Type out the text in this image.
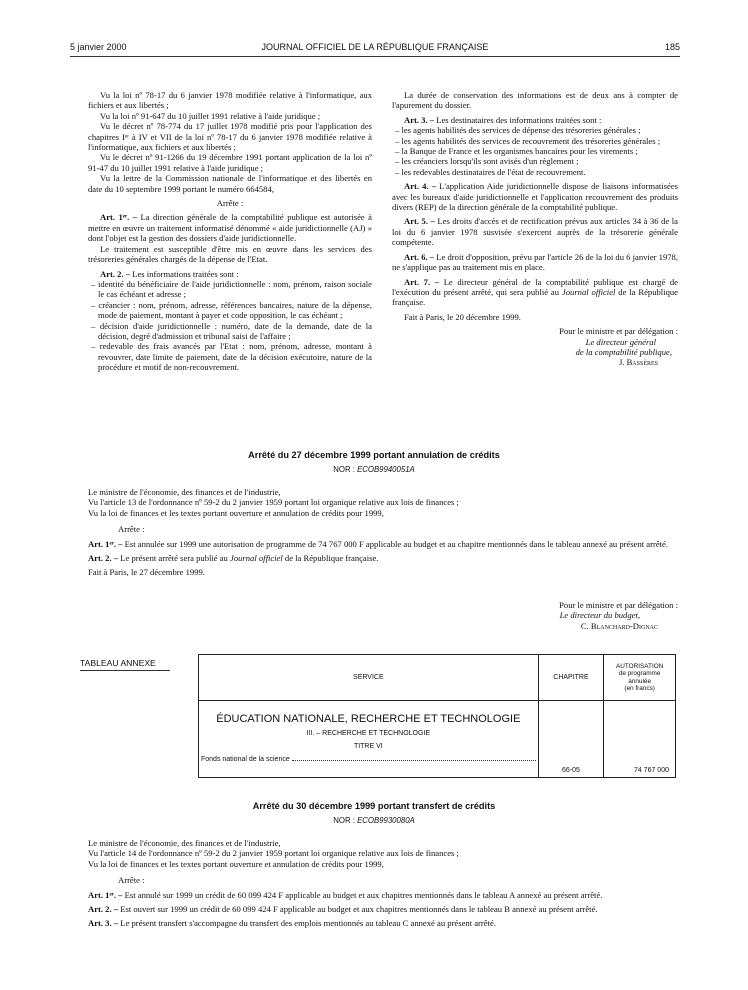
5 janvier 2000	JOURNAL OFFICIEL DE LA RÉPUBLIQUE FRANÇAISE	185

Vu la loi nº 78-17 du 6 janvier 1978 modifiée relative à l'informatique, aux fichiers et aux libertés ;

Vu la loi nº 91-647 du 10 juillet 1991 relative à l'aide juridique ;

Vu le décret nº 78-774 du 17 juillet 1978 modifié pris pour l'application des chapitres Iᵉʳ à IV et VII de la loi nº 78-17 du 6 janvier 1978 modifiée relative à l'informatique, aux fichiers et aux libertés ;

Vu le décret nº 91-1266 du 19 décembre 1991 portant application de la loi nº 91-47 du 10 juillet 1991 relative à l'aide juridique ;

Vu la lettre de la Commission nationale de l'informatique et des libertés en date du 10 septembre 1999 portant le numéro 664584,

Arrête :

Art. 1ᵉʳ. – La direction générale de la comptabilité publique est autorisée à mettre en œuvre un traitement informatisé dénommé « aide juridictionnelle (AJ) » dont l'objet est la gestion des dossiers d'aide juridictionnelle.

Le traitement est susceptible d'être mis en œuvre dans les services des trésoreries générales chargés de la dépense de l'Etat.

Art. 2. – Les informations traitées sont :

– identité du bénéficiaire de l'aide juridictionnelle : nom, prénom, raison sociale le cas échéant et adresse ;

– créancier : nom, prénom, adresse, références bancaires, nature de la dépense, mode de paiement, montant à payer et code opposition, le cas échéant ;

– décision d'aide juridictionnelle : numéro, date de la demande, date de la décision, degré d'admission et tribunal saisi de l'affaire ;

– redevable des frais avancés par l'Etat : nom, prénom, adresse, montant à revouvrer, date limite de paiement, date de la décision exécutoire, nature de la procédure et motif de non-recouvrement.

La durée de conservation des informations est de deux ans à compter de l'apurement du dossier.

Art. 3. – Les destinataires des informations traitées sont :

– les agents habilités des services de dépense des trésoreries générales ;

– les agents habilités des services de recouvrement des trésoreries générales ;

– la Banque de France et les organismes bancaires pour les virements ;

– les créanciers lorsqu'ils sont avisés d'un règlement ;

– les redevables destinataires de l'état de recouvrement.

Art. 4. – L'application Aide juridictionnelle dispose de liaisons informatisées avec les bureaux d'aide juridictionnelle et l'application recouvrement des produits divers (REP) de la direction générale de la comptabilité publique.

Art. 5. – Les droits d'accès et de rectification prévus aux articles 34 à 36 de la loi du 6 janvier 1978 susvisée s'exercent auprès de la trésorerie générale compétente.

Art. 6. – Le droit d'opposition, prévu par l'article 26 de la loi du 6 janvier 1978, ne s'applique pas au traitement mis en place.

Art. 7. – Le directeur général de la comptabilité publique est chargé de l'exécution du présent arrêté, qui sera publié au Journal officiel de la République française.

Fait à Paris, le 20 décembre 1999.

Pour le ministre et par délégation :

Le directeur général

de la comptabilité publique,

J. Bassères

Arrêté du 27 décembre 1999 portant annulation de crédits
NOR : ECOB9940051A

Le ministre de l'économie, des finances et de l'industrie,

Vu l'article 13 de l'ordonnance nº 59-2 du 2 janvier 1959 portant loi organique relative aux lois de finances ;

Vu la loi de finances et les textes portant ouverture et annulation de crédits pour 1999,

Arrête :

Art. 1ᵉʳ. – Est annulée sur 1999 une autorisation de programme de 74 767 000 F applicable au budget et au chapitre mentionnés dans le tableau annexé au présent arrêté.

Art. 2. – Le présent arrêté sera publié au Journal officiel de la République française.

Fait à Paris, le 27 décembre 1999.

Pour le ministre et par délégation :

Le directeur du budget,

C. Blanchard-Dignac

TABLEAU ANNEXE
SERVICE	CHAPITRE	AUTORISATION
de programme
annulée
(en francs)

ÉDUCATION NATIONALE, RECHERCHE ET TECHNOLOGIE
III. – RECHERCHE ET TECHNOLOGIE
TITRE VI
Fonds national de la science	66-05	74 767 000
Arrêté du 30 décembre 1999 portant transfert de crédits
NOR : ECOB9930080A

Le ministre de l'économie, des finances et de l'industrie,

Vu l'article 14 de l'ordonnance nº 59-2 du 2 janvier 1959 portant loi organique relative aux lois de finances ;

Vu la loi de finances et les textes portant ouverture et annulation de crédits pour 1999,

Arrête :

Art. 1ᵉʳ. – Est annulé sur 1999 un crédit de 60 099 424 F applicable au budget et aux chapitres mentionnés dans le tableau A annexé au présent arrêté.

Art. 2. – Est ouvert sur 1999 un crédit de 60 099 424 F applicable au budget et aux chapitres mentionnés dans le tableau B annexé au présent arrêté.

Art. 3. – Le présent transfert s'accompagne du transfert des emplois mentionnés au tableau C annexé au présent arrêté.
